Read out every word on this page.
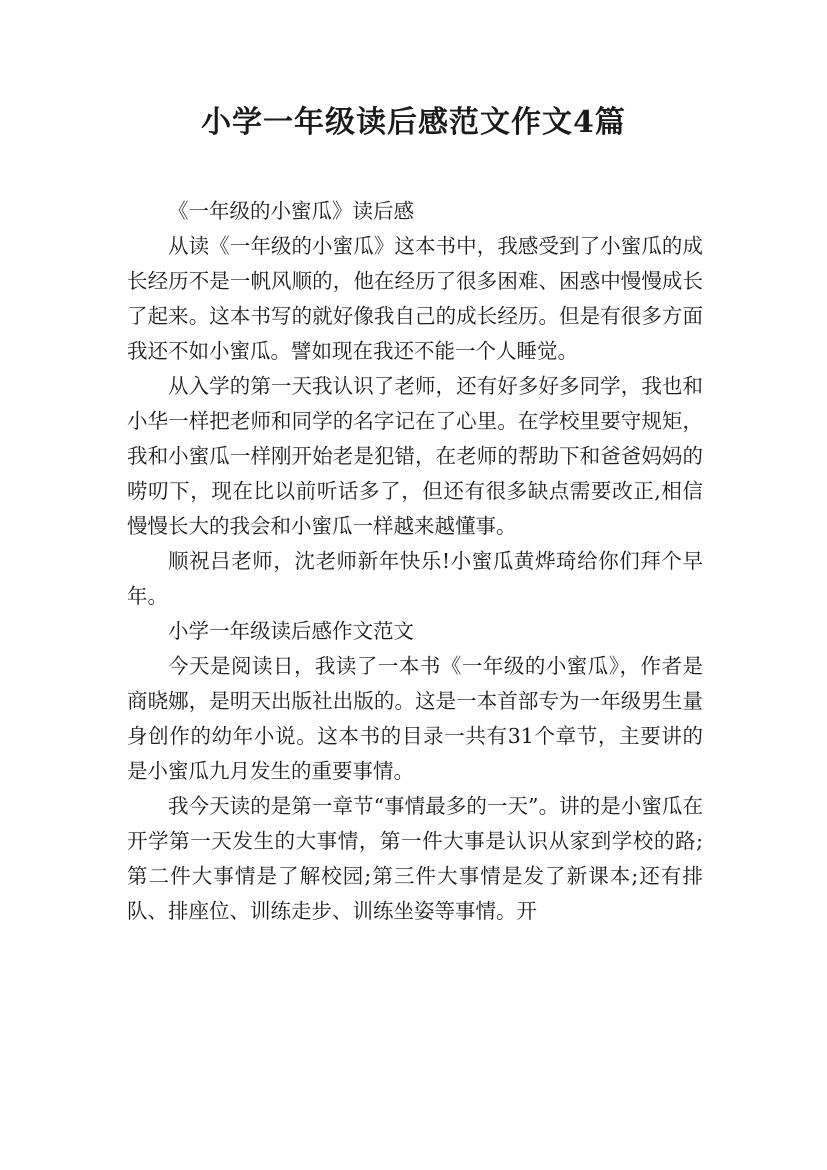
小学一年级读后感范文作文4篇

《一年级的小蜜瓜》读后感

从读《一年级的小蜜瓜》这本书中，我感受到了小蜜瓜的成长经历不是一帆风顺的，他在经历了很多困难、困惑中慢慢成长了起来。这本书写的就好像我自己的成长经历。但是有很多方面我还不如小蜜瓜。譬如现在我还不能一个人睡觉。

从入学的第一天我认识了老师，还有好多好多同学，我也和小华一样把老师和同学的名字记在了心里。在学校里要守规矩，我和小蜜瓜一样刚开始老是犯错，在老师的帮助下和爸爸妈妈的唠叨下，现在比以前听话多了，但还有很多缺点需要改正,相信慢慢长大的我会和小蜜瓜一样越来越懂事。

顺祝吕老师，沈老师新年快乐!小蜜瓜黄烨琦给你们拜个早年。

小学一年级读后感作文范文

今天是阅读日，我读了一本书《一年级的小蜜瓜》，作者是商晓娜，是明天出版社出版的。这是一本首部专为一年级男生量身创作的幼年小说。这本书的目录一共有31个章节，主要讲的是小蜜瓜九月发生的重要事情。

我今天读的是第一章节“事情最多的一天”。讲的是小蜜瓜在开学第一天发生的大事情，第一件大事是认识从家到学校的路;第二件大事情是了解校园;第三件大事情是发了新课本;还有排队、排座位、训练走步、训练坐姿等事情。开
